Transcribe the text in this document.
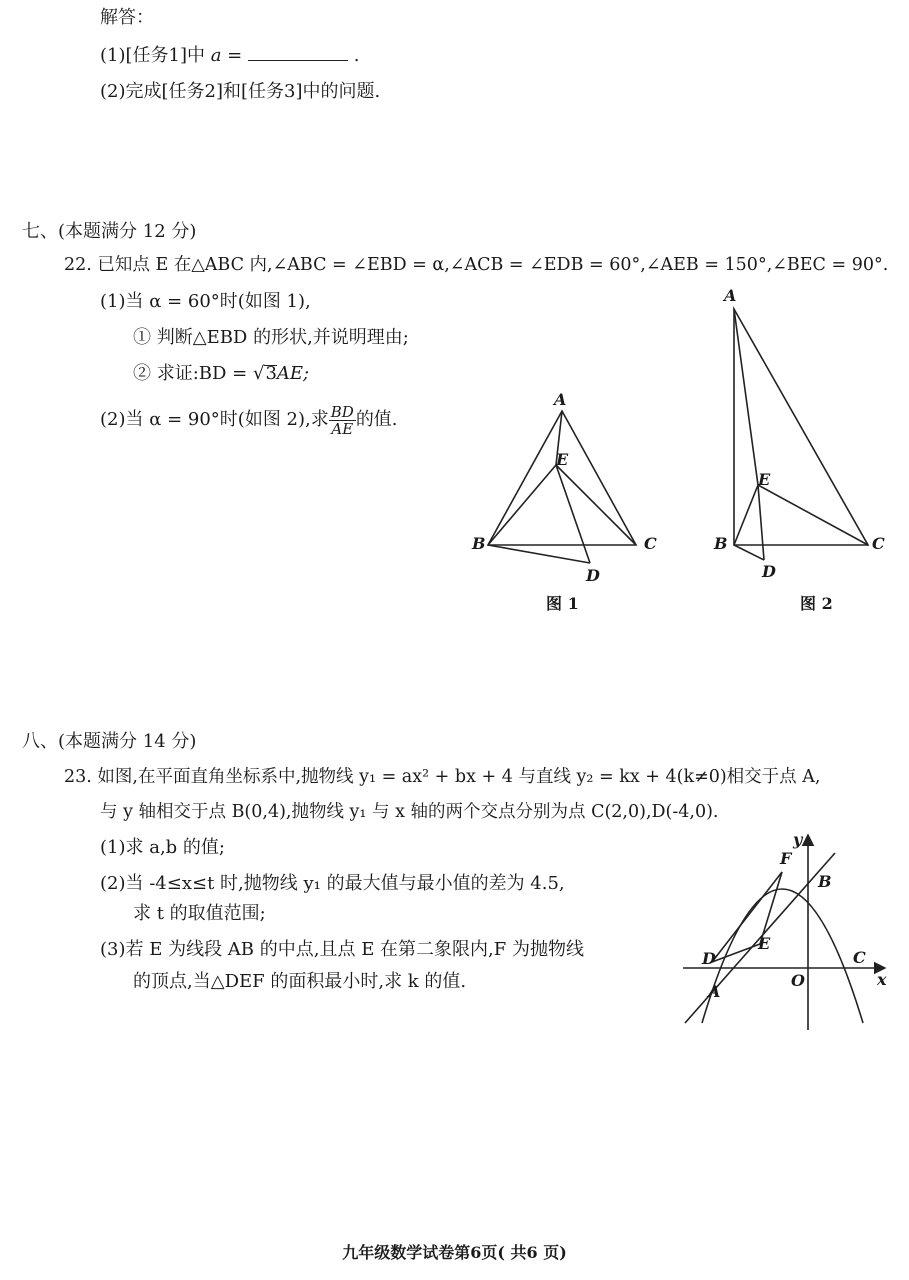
解答：
(1)[任务1]中 a =	.
(2)完成[任务2]和[任务3]中的问题.
七、(本题满分 12 分)
22. 已知点 E 在△ABC 内,∠ABC = ∠EBD = α,∠ACB = ∠EDB = 60°,∠AEB = 150°,∠BEC = 90°.
(1)当 α = 60°时(如图 1),
① 判断△EBD 的形状,并说明理由;
② 求证:BD = √3AE;
(2)当 α = 90°时(如图 2),求 $\frac{BD}{AE}$ 的值.
A
E
B	C
D
图 1
A
E
B	C
D
图 2
八、(本题满分 14 分)
23. 如图,在平面直角坐标系中,抛物线 y₁ = ax² + bx + 4 与直线 y₂ = kx + 4(k≠0)相交于点 A,
与 y 轴相交于点 B(0,4),抛物线 y₁ 与 x 轴的两个交点分别为点 C(2,0),D(-4,0).
(1)求 a,b 的值;
(2)当 -4≤x≤t 时,抛物线 y₁ 的最大值与最小值的差为 4.5,
求 t 的取值范围;
(3)若 E 为线段 AB 的中点,且点 E 在第二象限内,F 为抛物线
的顶点,当△DEF 的面积最小时,求 k 的值.
y
x
F
B
E
D
O
C
A
九年级数学试卷第6页( 共6 页)
